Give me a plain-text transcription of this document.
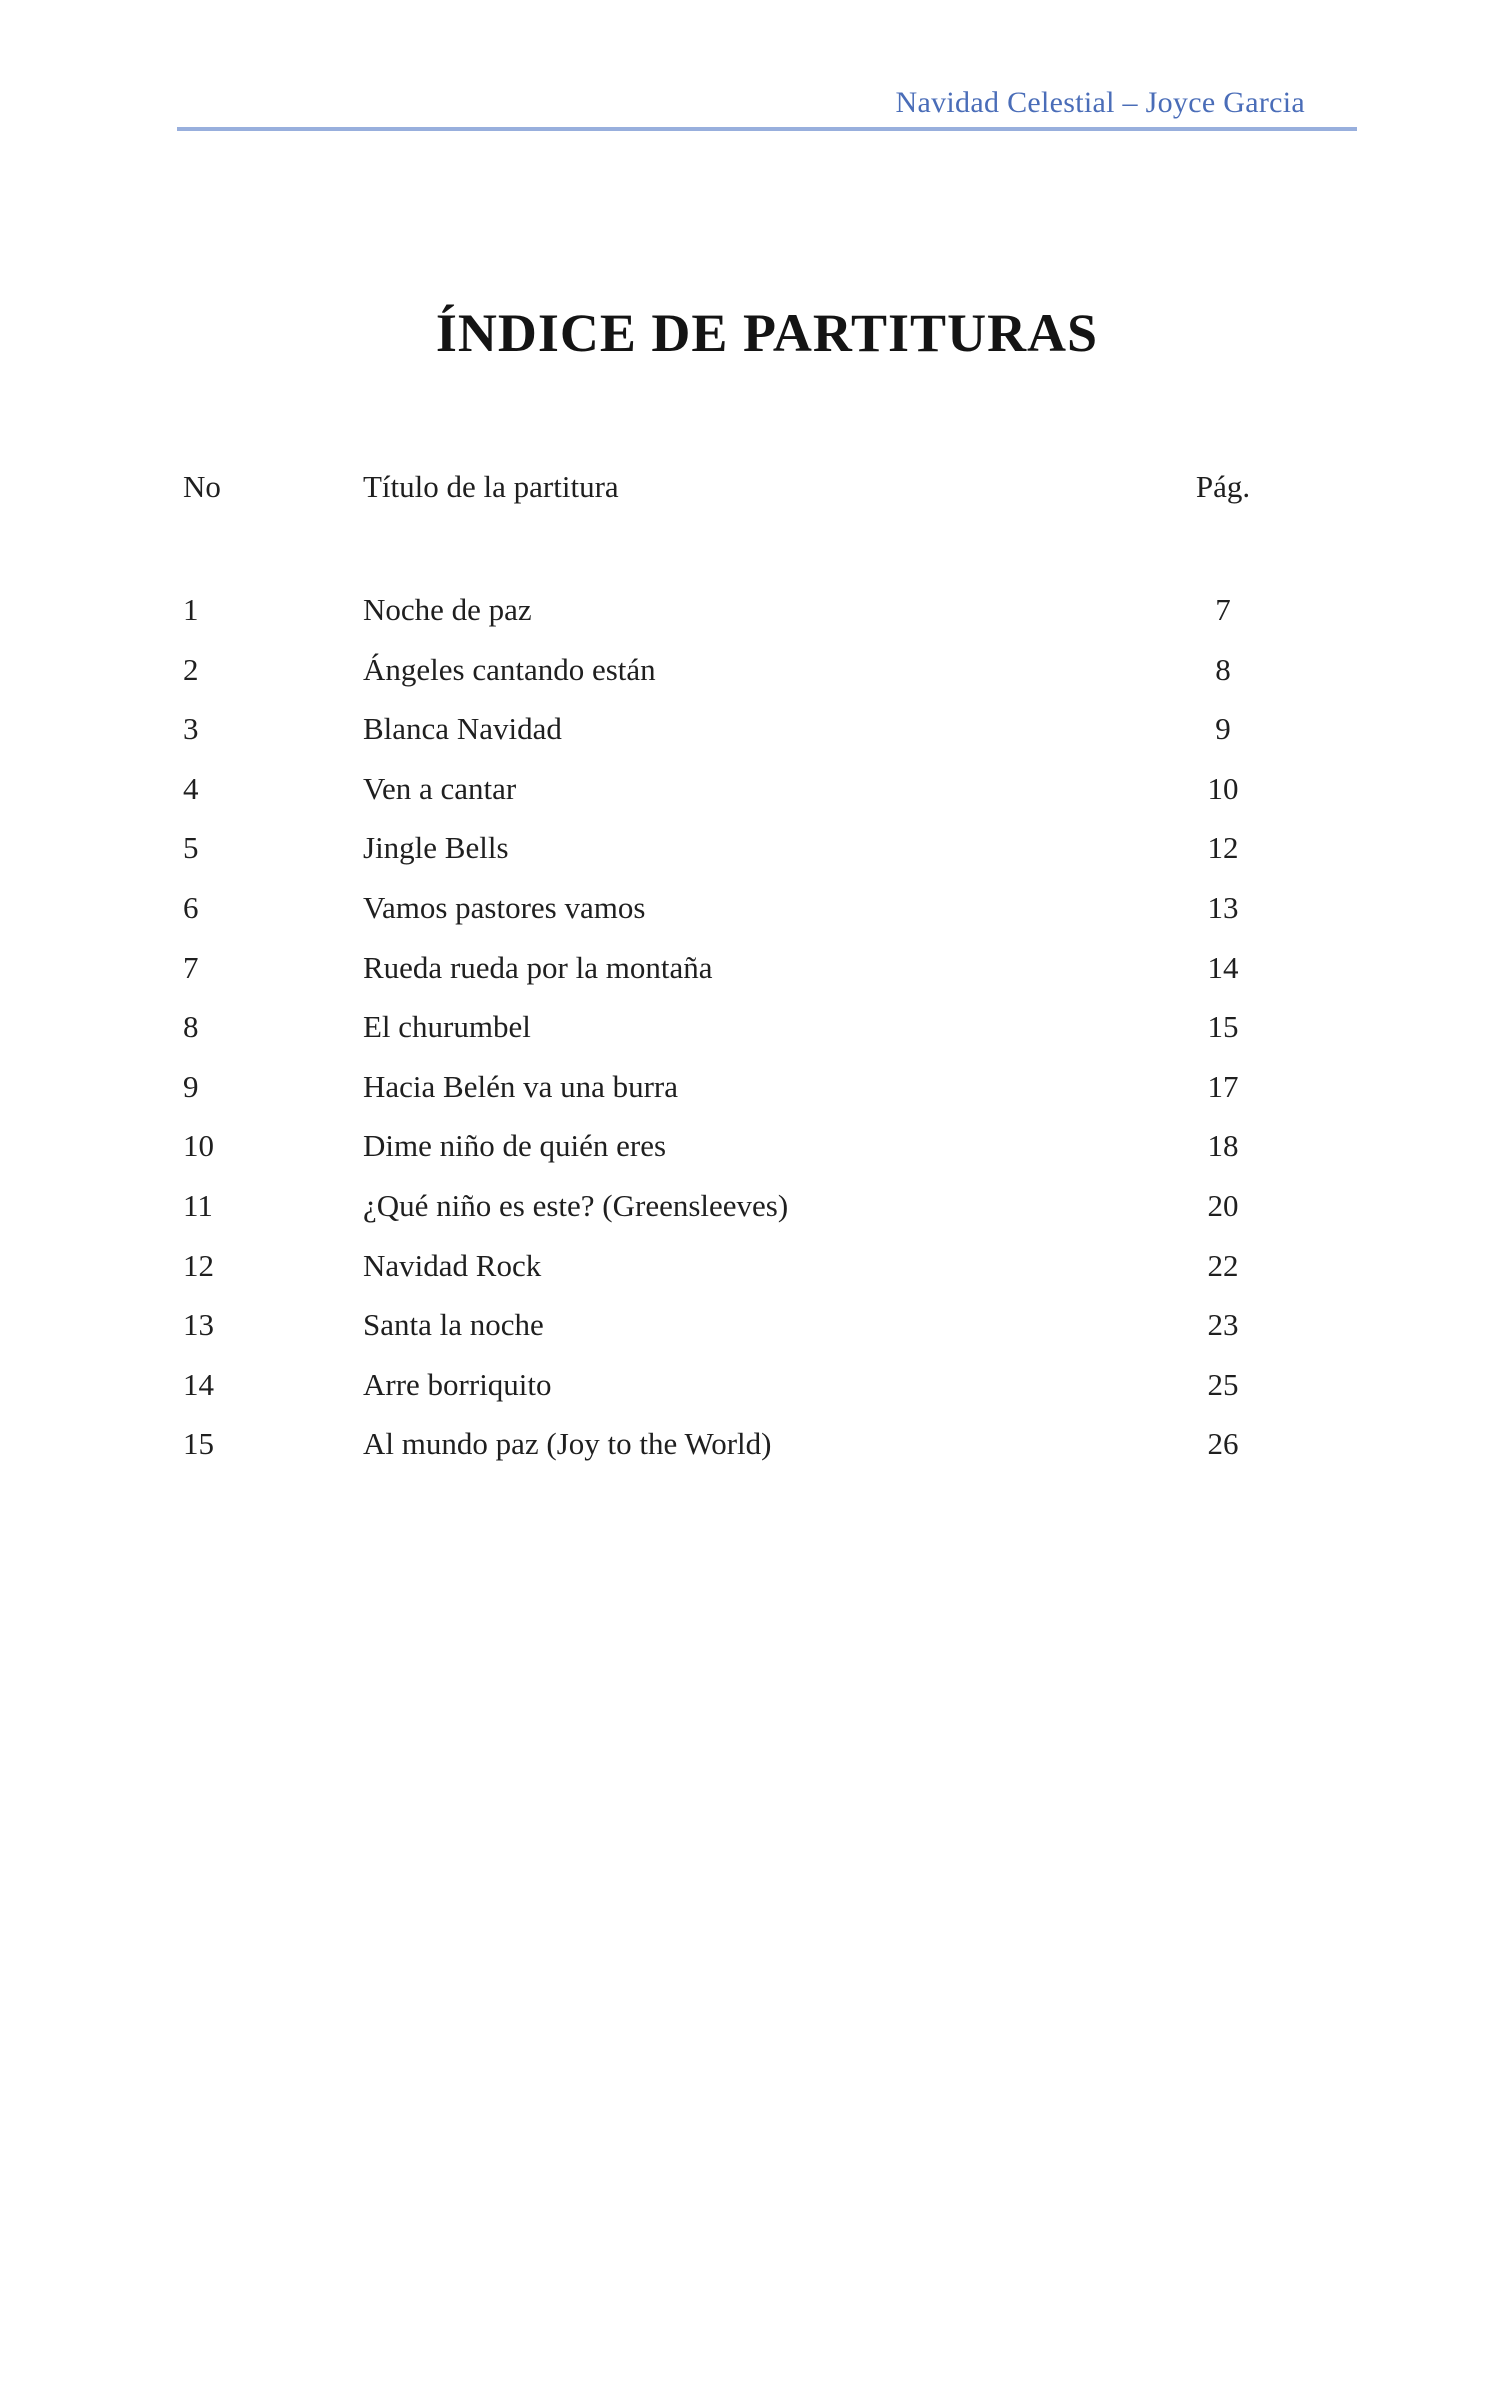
Navidad Celestial – Joyce Garcia
ÍNDICE DE PARTITURAS
No	Título de la partitura	Pág.
1	Noche de paz	7
2	Ángeles cantando están	8
3	Blanca Navidad	9
4	Ven a cantar	10
5	Jingle Bells	12
6	Vamos pastores vamos	13
7	Rueda rueda por la montaña	14
8	El churumbel	15
9	Hacia Belén va una burra	17
10	Dime niño de quién eres	18
11	¿Qué niño es este? (Greensleeves)	20
12	Navidad Rock	22
13	Santa la noche	23
14	Arre borriquito	25
15	Al mundo paz (Joy to the World)	26
